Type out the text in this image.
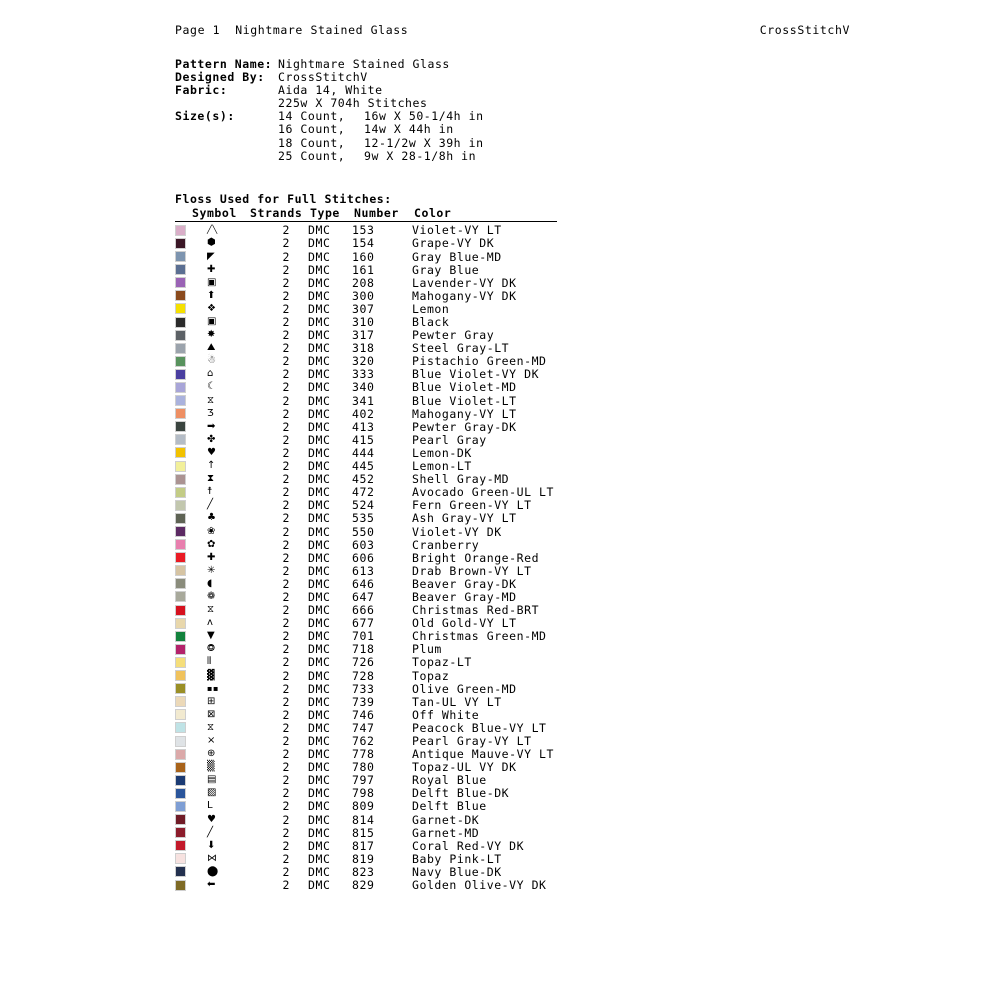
Page 1 Nightmare Stained Glass	CrossStitchV
Pattern Name: Nightmare Stained Glass
Designed By:	CrossStitchV
Fabric:	Aida 14, White
225w X 704h Stitches
Size(s):	14 Count, 16w X 50-1/4h in
16 Count, 14w X 44h in
18 Count, 12-1/2w X 39h in
25 Count, 9w X 28-1/8h in
Floss Used for Full Stitches:
Symbol	Strands Type	Number	Color
╱╲	2	DMC	153	Violet-VY LT
⬢	2	DMC	154	Grape-VY DK
◤	2	DMC	160	Gray Blue-MD
✚	2	DMC	161	Gray Blue
▣	2	DMC	208	Lavender-VY DK
⬆	2	DMC	300	Mahogany-VY DK
❖	2	DMC	307	Lemon
▣	2	DMC	310	Black
✸	2	DMC	317	Pewter Gray
⛰	2	DMC	318	Steel Gray-LT
☃	2	DMC	320	Pistachio Green-MD
⌂	2	DMC	333	Blue Violet-VY DK
☾	2	DMC	340	Blue Violet-MD
⧖	2	DMC	341	Blue Violet-LT
Ʒ	2	DMC	402	Mahogany-VY LT
➡	2	DMC	413	Pewter Gray-DK
✤	2	DMC	415	Pearl Gray
♥	2	DMC	444	Lemon-DK
↑	2	DMC	445	Lemon-LT
⧗	2	DMC	452	Shell Gray-MD
☨	2	DMC	472	Avocado Green-UL LT
╱	2	DMC	524	Fern Green-VY LT
♣	2	DMC	535	Ash Gray-VY LT
❀	2	DMC	550	Violet-VY DK
✿	2	DMC	603	Cranberry
✚	2	DMC	606	Bright Orange-Red
✳	2	DMC	613	Drab Brown-VY LT
◖	2	DMC	646	Beaver Gray-DK
❁	2	DMC	647	Beaver Gray-MD
⧖	2	DMC	666	Christmas Red-BRT
ʌ	2	DMC	677	Old Gold-VY LT
▼	2	DMC	701	Christmas Green-MD
⭗	2	DMC	718	Plum
⫴	2	DMC	726	Topaz-LT
▓	2	DMC	728	Topaz
▪▪	2	DMC	733	Olive Green-MD
⊞	2	DMC	739	Tan-UL VY LT
⊠	2	DMC	746	Off White
⧖	2	DMC	747	Peacock Blue-VY LT
×	2	DMC	762	Pearl Gray-VY LT
⊕	2	DMC	778	Antique Mauve-VY LT
▒	2	DMC	780	Topaz-UL VY DK
▤	2	DMC	797	Royal Blue
▨	2	DMC	798	Delft Blue-DK
L	2	DMC	809	Delft Blue
♥	2	DMC	814	Garnet-DK
╱	2	DMC	815	Garnet-MD
⬇	2	DMC	817	Coral Red-VY DK
⋈	2	DMC	819	Baby Pink-LT
⬤	2	DMC	823	Navy Blue-DK
⬅	2	DMC	829	Golden Olive-VY DK
